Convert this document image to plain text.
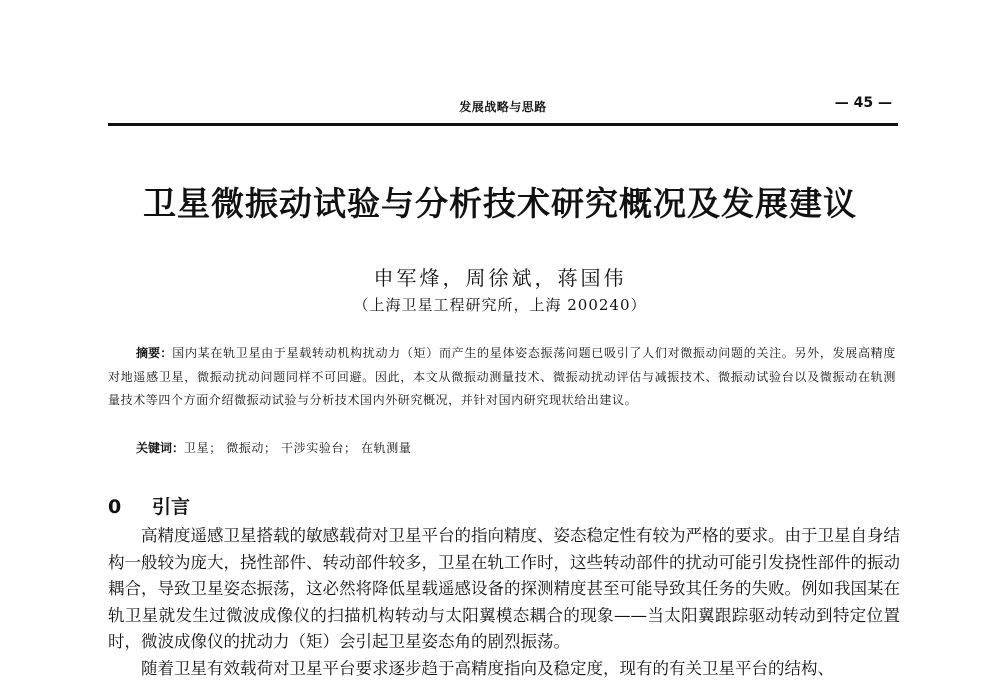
发展战略与思路	— 45 —
卫星微振动试验与分析技术研究概况及发展建议
申军烽，周徐斌，蒋国伟
（上海卫星工程研究所，上海 200240）
摘要：国内某在轨卫星由于星载转动机构扰动力（矩）而产生的星体姿态振荡问题已吸引了人们对微振动问题的关注。另外，发展高精度对地遥感卫星，微振动扰动问题同样不可回避。因此，本文从微振动测量技术、微振动扰动评估与减振技术、微振动试验台以及微振动在轨测量技术等四个方面介绍微振动试验与分析技术国内外研究概况，并针对国内研究现状给出建议。
关键词：卫星； 微振动； 干涉实验台； 在轨测量
0 引言

高精度遥感卫星搭载的敏感载荷对卫星平台的指向精度、姿态稳定性有较为严格的要求。由于卫星自身结构一般较为庞大，挠性部件、转动部件较多，卫星在轨工作时，这些转动部件的扰动可能引发挠性部件的振动耦合，导致卫星姿态振荡，这必然将降低星载遥感设备的探测精度甚至可能导致其任务的失败。例如我国某在轨卫星就发生过微波成像仪的扫描机构转动与太阳翼模态耦合的现象——当太阳翼跟踪驱动转动到特定位置时，微波成像仪的扰动力（矩）会引起卫星姿态角的剧烈振荡。

随着卫星有效载荷对卫星平台要求逐步趋于高精度指向及稳定度，现有的有关卫星平台的结构、
